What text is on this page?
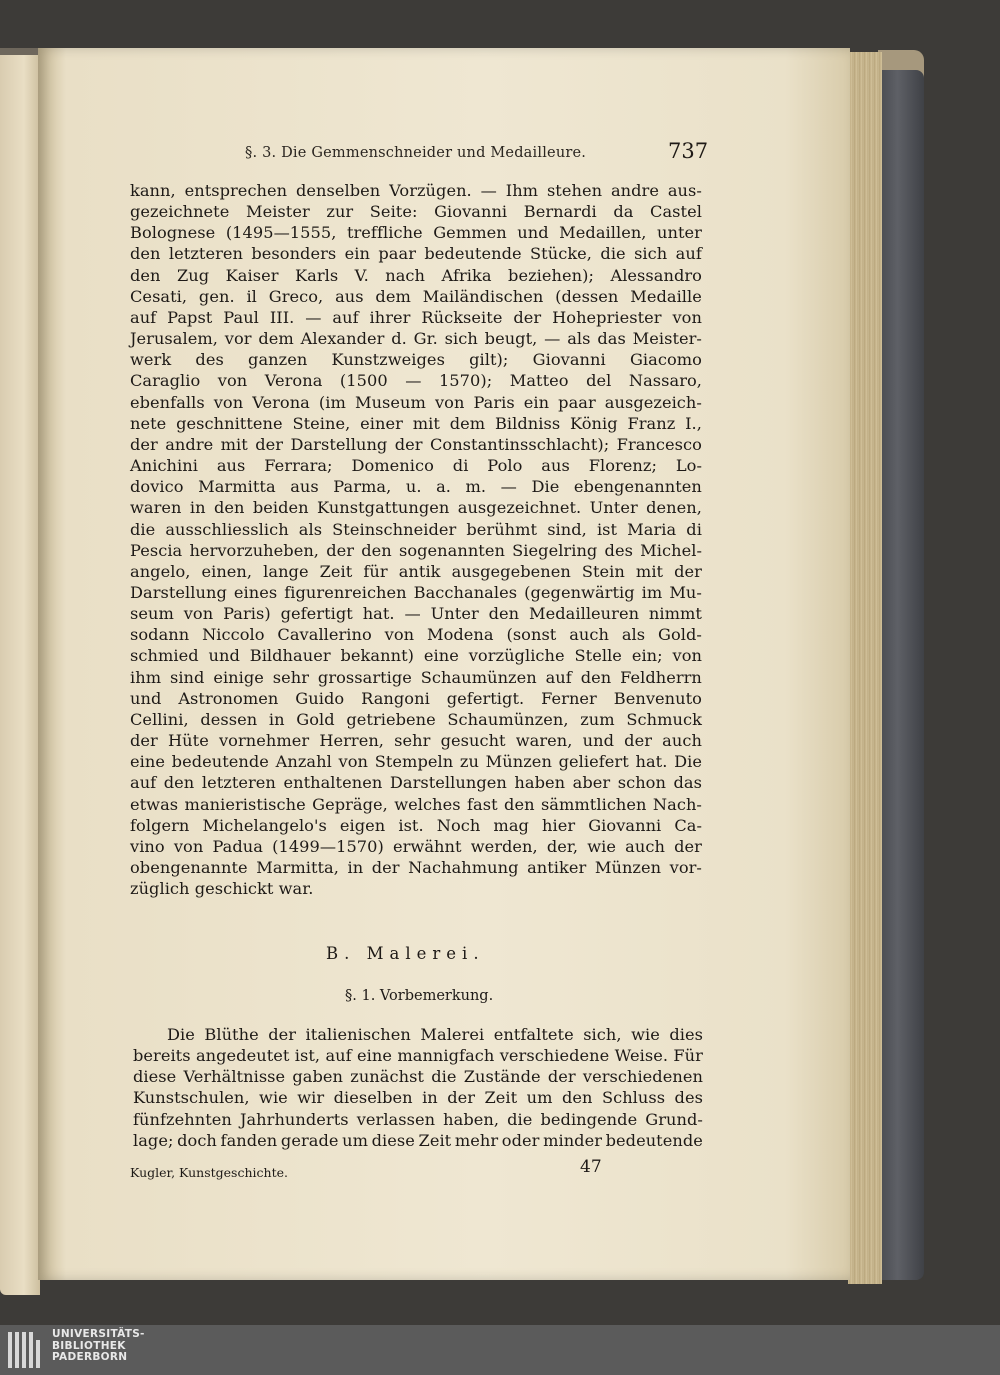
§. 3. Die Gemmenschneider und Medailleure.	737
kann, entsprechen denselben Vorzügen. — Ihm stehen andre aus-
gezeichnete Meister zur Seite: Giovanni Bernardi da Castel
Bolognese (1495—1555, treffliche Gemmen und Medaillen, unter
den letzteren besonders ein paar bedeutende Stücke, die sich auf
den Zug Kaiser Karls V. nach Afrika beziehen); Alessandro
Cesati, gen. il Greco, aus dem Mailändischen (dessen Medaille
auf Papst Paul III. — auf ihrer Rückseite der Hohepriester von
Jerusalem, vor dem Alexander d. Gr. sich beugt, — als das Meister-
werk des ganzen Kunstzweiges gilt); Giovanni Giacomo
Caraglio von Verona (1500 — 1570); Matteo del Nassaro,
ebenfalls von Verona (im Museum von Paris ein paar ausgezeich-
nete geschnittene Steine, einer mit dem Bildniss König Franz I.,
der andre mit der Darstellung der Constantinsschlacht); Francesco
Anichini aus Ferrara; Domenico di Polo aus Florenz; Lo-
dovico Marmitta aus Parma, u. a. m. — Die ebengenannten
waren in den beiden Kunstgattungen ausgezeichnet. Unter denen,
die ausschliesslich als Steinschneider berühmt sind, ist Maria di
Pescia hervorzuheben, der den sogenannten Siegelring des Michel-
angelo, einen, lange Zeit für antik ausgegebenen Stein mit der
Darstellung eines figurenreichen Bacchanales (gegenwärtig im Mu-
seum von Paris) gefertigt hat. — Unter den Medailleuren nimmt
sodann Niccolo Cavallerino von Modena (sonst auch als Gold-
schmied und Bildhauer bekannt) eine vorzügliche Stelle ein; von
ihm sind einige sehr grossartige Schaumünzen auf den Feldherrn
und Astronomen Guido Rangoni gefertigt. Ferner Benvenuto
Cellini, dessen in Gold getriebene Schaumünzen, zum Schmuck
der Hüte vornehmer Herren, sehr gesucht waren, und der auch
eine bedeutende Anzahl von Stempeln zu Münzen geliefert hat. Die
auf den letzteren enthaltenen Darstellungen haben aber schon das
etwas manieristische Gepräge, welches fast den sämmtlichen Nach-
folgern Michelangelo's eigen ist. Noch mag hier Giovanni Ca-
vino von Padua (1499—1570) erwähnt werden, der, wie auch der
obengenannte Marmitta, in der Nachahmung antiker Münzen vor-
züglich geschickt war.
B. Malerei.
§. 1. Vorbemerkung.
Die Blüthe der italienischen Malerei entfaltete sich, wie dies
bereits angedeutet ist, auf eine mannigfach verschiedene Weise. Für
diese Verhältnisse gaben zunächst die Zustände der verschiedenen
Kunstschulen, wie wir dieselben in der Zeit um den Schluss des
fünfzehnten Jahrhunderts verlassen haben, die bedingende Grund-
lage; doch fanden gerade um diese Zeit mehr oder minder bedeutende
Kugler, Kunstgeschichte.	47
UNIVERSITÄTS-
BIBLIOTHEK
PADERBORN
